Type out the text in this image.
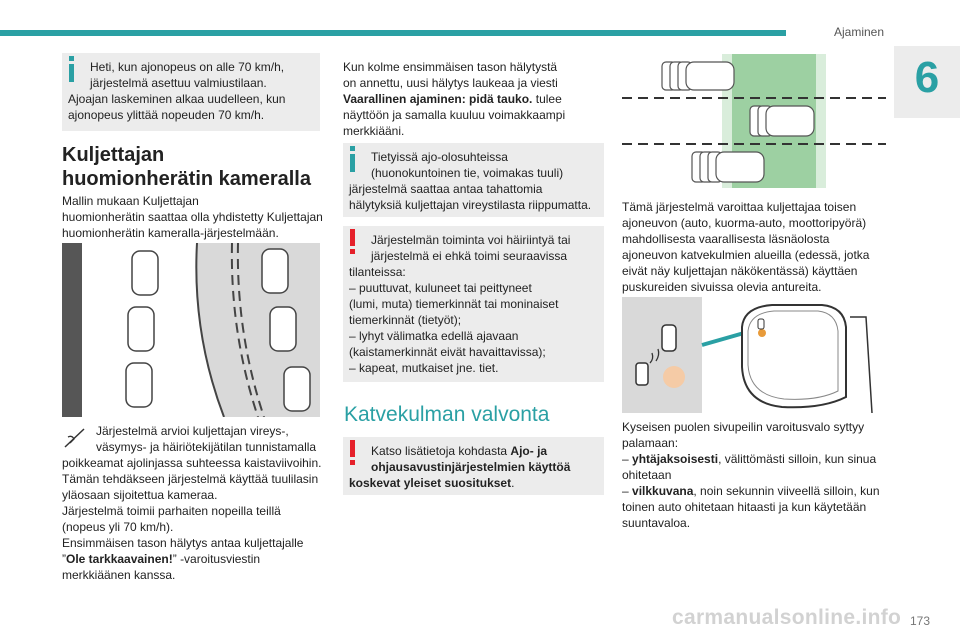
Ajaminen
6
Heti, kun ajonopeus on alle 70 km/h,
järjestelmä asettuu valmiustilaan.
Ajoajan laskeminen alkaa uudelleen, kun
ajonopeus ylittää nopeuden 70 km/h.
Kuljettajan huomionherätin kameralla
Mallin mukaan Kuljettajan
huomionherätin saattaa olla yhdistetty Kuljettajan
huomionherätin kameralla-järjestelmään.
Järjestelmä arvioi kuljettajan vireys-,
väsymys- ja häiriötekijätilan tunnistamalla
poikkeamat ajolinjassa suhteessa kaistaviivoihin.
Tämän tehdäkseen järjestelmä käyttää tuulilasin
yläosaan sijoitettua kameraa.
Järjestelmä toimii parhaiten nopeilla teillä
(nopeus yli 70 km/h).
Ensimmäisen tason hälytys antaa kuljettajalle
”Ole tarkkaavainen!” -varoitusviestin
merkkiäänen kanssa.
Kun kolme ensimmäisen tason hälytystä
on annettu, uusi hälytys laukeaa ja viesti
Vaarallinen ajaminen: pidä tauko. tulee
näyttöön ja samalla kuuluu voimakkaampi
merkkiääni.
Tietyissä ajo-olosuhteissa
(huonokuntoinen tie, voimakas tuuli)
järjestelmä saattaa antaa tahattomia
hälytyksiä kuljettajan vireystilasta riippumatta.
Järjestelmän toiminta voi häiriintyä tai
järjestelmä ei ehkä toimi seuraavissa
tilanteissa:
– puuttuvat, kuluneet tai peittyneet
(lumi, muta) tiemerkinnät tai moninaiset
tiemerkinnät (tietyöt);
– lyhyt välimatka edellä ajavaan
(kaistamerkinnät eivät havaittavissa);
– kapeat, mutkaiset jne. tiet.
Katvekulman valvonta
Katso lisätietoja kohdasta Ajo- ja
ohjausavustinjärjestelmien käyttöä
koskevat yleiset suositukset.
Tämä järjestelmä varoittaa kuljettajaa toisen
ajoneuvon (auto, kuorma-auto, moottoripyörä)
mahdollisesta vaarallisesta läsnäolosta
ajoneuvon katvekulmien alueilla (edessä, jotka
eivät näy kuljettajan näkökentässä) käyttäen
puskureiden sivuissa olevia antureita.
Kyseisen puolen sivupeilin varoitusvalo syttyy
palamaan:
– yhtäjaksoisesti, välittömästi silloin, kun sinua
ohitetaan
– vilkkuvana, noin sekunnin viiveellä silloin, kun
toinen auto ohitetaan hitaasti ja kun käytetään
suuntavaloa.
carmanualsonline.info 173
